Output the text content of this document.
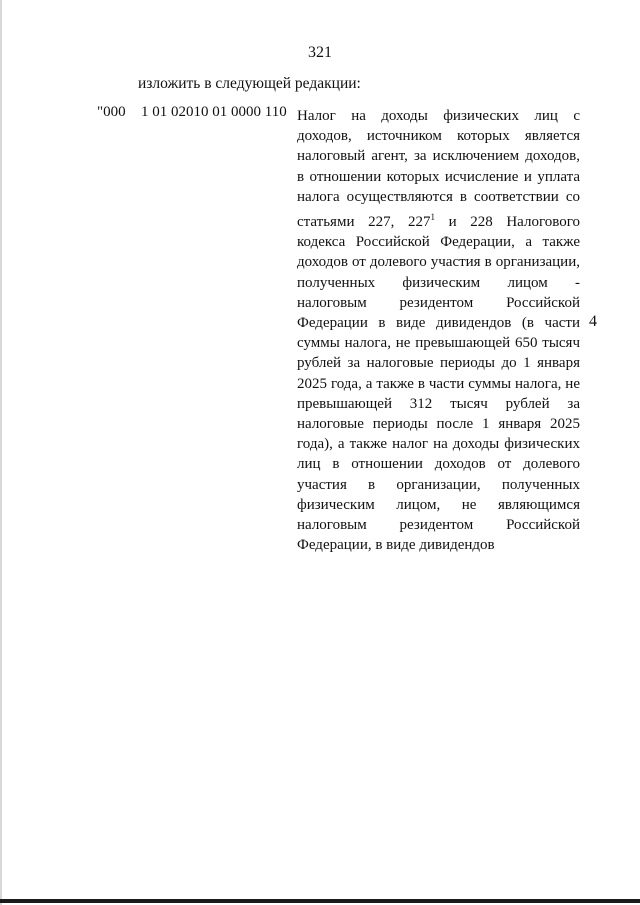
321
изложить в следующей редакции:
"000 1 01 02010 01 0000 110 Налог на доходы физических лиц с доходов, источником которых является налоговый агент, за исключением доходов, в отношении которых исчисление и уплата налога осуществляются в соответствии со статьями 227, $227^1$ и 228 Налогового кодекса Российской Федерации, а также доходов от долевого участия в организации, полученных физическим лицом - налоговым резидентом Российской Федерации в виде дивидендов (в части суммы налога, не превышающей 650 тысяч рублей за налоговые периоды до 1 января 2025 года, а также в части суммы налога, не превышающей 312 тысяч рублей за налоговые периоды после 1 января 2025 года), а также налог на доходы физических лиц в отношении доходов от долевого участия в организации, полученных физическим лицом, не являющимся налоговым резидентом Российской Федерации, в виде дивидендов

4
